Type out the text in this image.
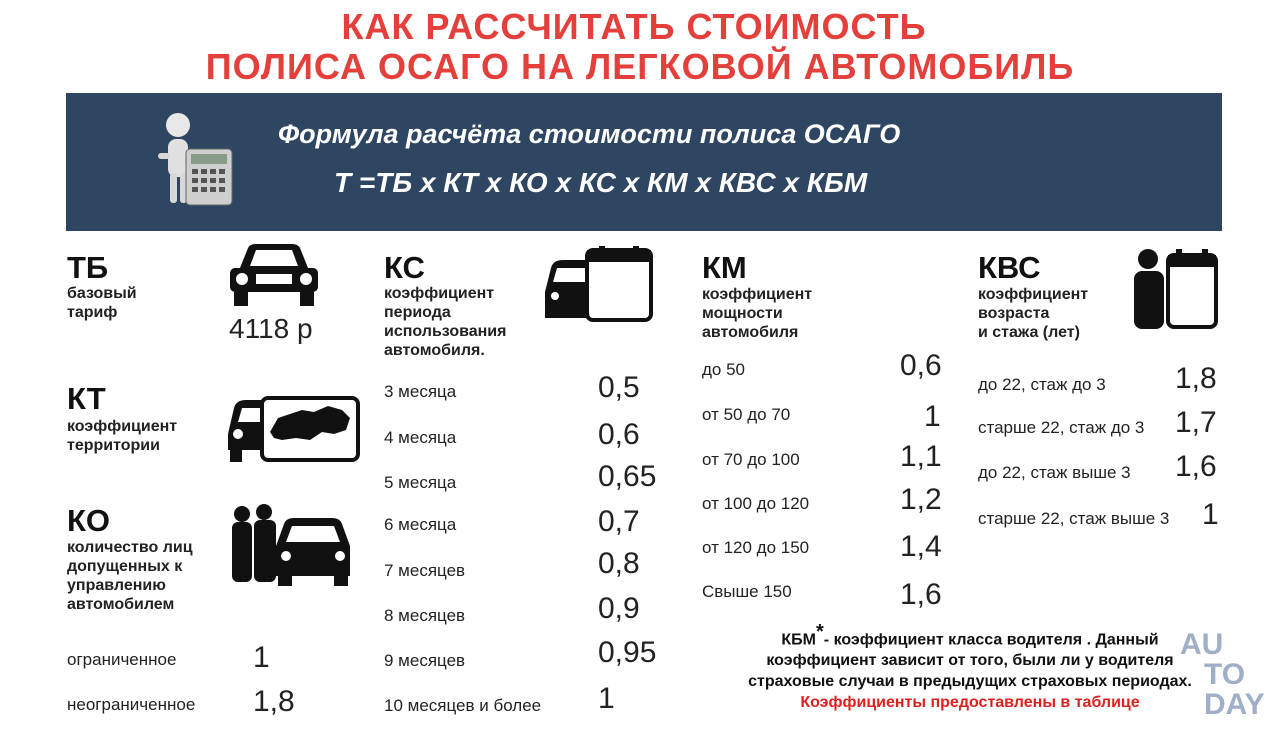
КАК РАССЧИТАТЬ СТОИМОСТЬ
ПОЛИСА ОСАГО НА ЛЕГКОВОЙ АВТОМОБИЛЬ
Формула расчёта стоимости полиса ОСАГО
Т =ТБ х КТ х КО х КС х КМ х КВС х КБМ
ТБ
базовый
тариф
4118 р
КТ
коэффициент
территории
КО
количество лиц
допущенных к
управлению
автомобилем
ограниченное	1
неограниченное 1,8
КС
коэффициент
периода
использования
автомобиля.
3 месяца	0,5
4 месяца	0,6
5 месяца	0,65
6 месяца	0,7
7 месяцев	0,8
8 месяцев	0,9
9 месяцев	0,95
10 месяцев и более 1
КМ
коэффициент
мощности
автомобиля
до 50	0,6
от 50 до 70	1
от 70 до 100	1,1
от 100 до 120	1,2
от 120 до 150	1,4
Свыше 150	1,6
КВС
коэффициент
возраста
и стажа (лет)
до 22, стаж до 3 1,8
старше 22, стаж до 3 1,7
до 22, стаж выше 3 1,6
старше 22, стаж выше 3 1
КБМ*- коэффициент класса водителя . Данный
коэффициент зависит от того, были ли у водителя
страховые случаи в предыдущих страховых периодах.
Коэффициенты предоставлены в таблице
AU
TO
DAY
